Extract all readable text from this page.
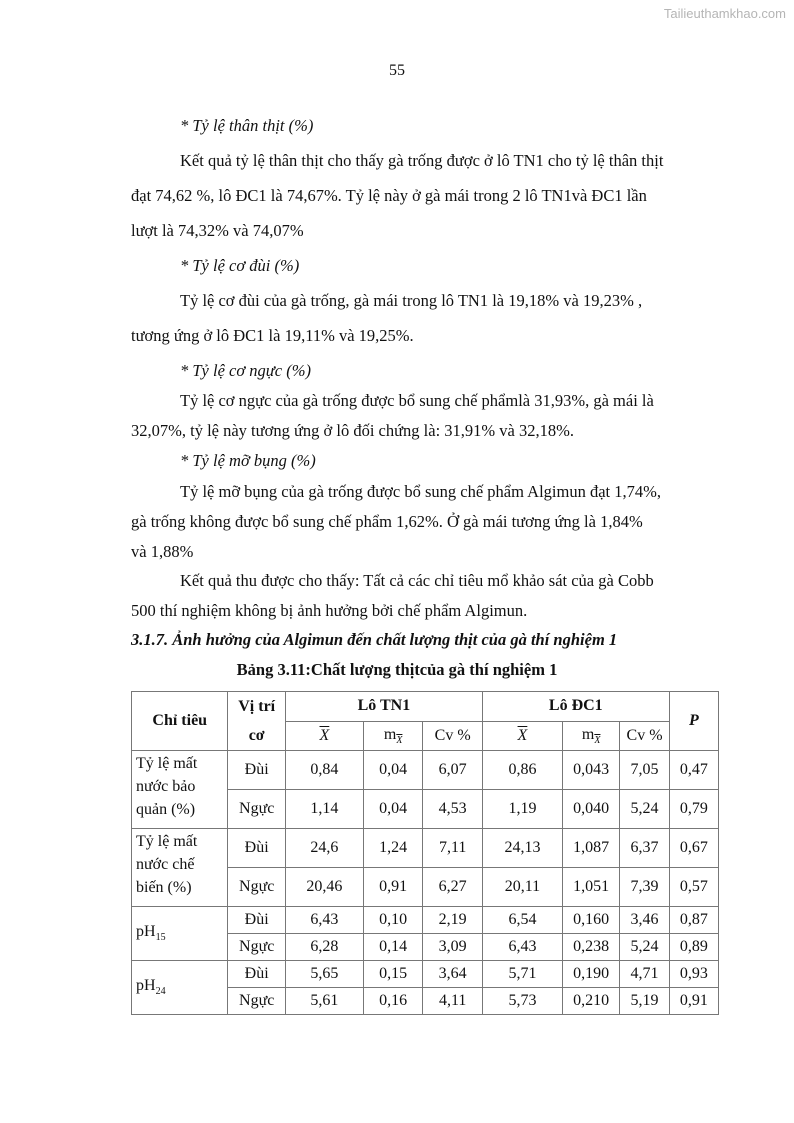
Tailieuthamkhao.com
55
* Tỷ lệ thân thịt (%)
Kết quả tỷ lệ thân thịt cho thấy gà trống được ở lô TN1 cho tỷ lệ thân thịt
đạt 74,62 %, lô ĐC1 là 74,67%. Tỷ lệ này ở gà mái trong 2 lô TN1và ĐC1 lần
lượt là 74,32% và 74,07%
* Tỷ lệ cơ đùi (%)
Tỷ lệ cơ đùi của gà trống, gà mái trong lô TN1 là 19,18% và 19,23% ,
tương ứng ở lô ĐC1 là 19,11% và 19,25%.
* Tỷ lệ cơ ngực (%)
Tỷ lệ cơ ngực của gà trống được bổ sung chế phẩmlà 31,93%, gà mái là
32,07%, tỷ lệ này tương ứng ở lô đối chứng là: 31,91% và 32,18%.
* Tỷ lệ mỡ bụng (%)
Tỷ lệ mỡ bụng của gà trống được bổ sung chế phẩm Algimun đạt 1,74%,
gà trống không được bổ sung chế phẩm 1,62%. Ở gà mái tương ứng là 1,84%
và 1,88%
Kết quả thu được cho thấy: Tất cả các chỉ tiêu mổ khảo sát của gà Cobb
500 thí nghiệm không bị ảnh hưởng bởi chế phẩm Algimun.
3.1.7. Ảnh hưởng của Algimun đến chất lượng thịt của gà thí nghiệm 1
Bảng 3.11:Chất lượng thịtcủa gà thí nghiệm 1
Chỉ tiêu	Vị trí
cơ	Lô TN1			Lô ĐC1			P
		$\overline{X}$	$m_{\overline{X}}$	Cv %	$\overline{X}$	$m_{\overline{X}}$	Cv %	
Tỷ lệ mất
nước bảo
quản (%)	Đùi	0,84	0,04	6,07	0,86	0,043	7,05	0,47
	Ngực	1,14	0,04	4,53	1,19	0,040	5,24	0,79
Tỷ lệ mất
nước chế
biến (%)	Đùi	24,6	1,24	7,11	24,13	1,087	6,37	0,67
	Ngực	20,46	0,91	6,27	20,11	1,051	7,39	0,57
$pH_{15}$	Đùi	6,43	0,10	2,19	6,54	0,160	3,46	0,87
	Ngực	6,28	0,14	3,09	6,43	0,238	5,24	0,89
$pH_{24}$	Đùi	5,65	0,15	3,64	5,71	0,190	4,71	0,93
	Ngực	5,61	0,16	4,11	5,73	0,210	5,19	0,91
